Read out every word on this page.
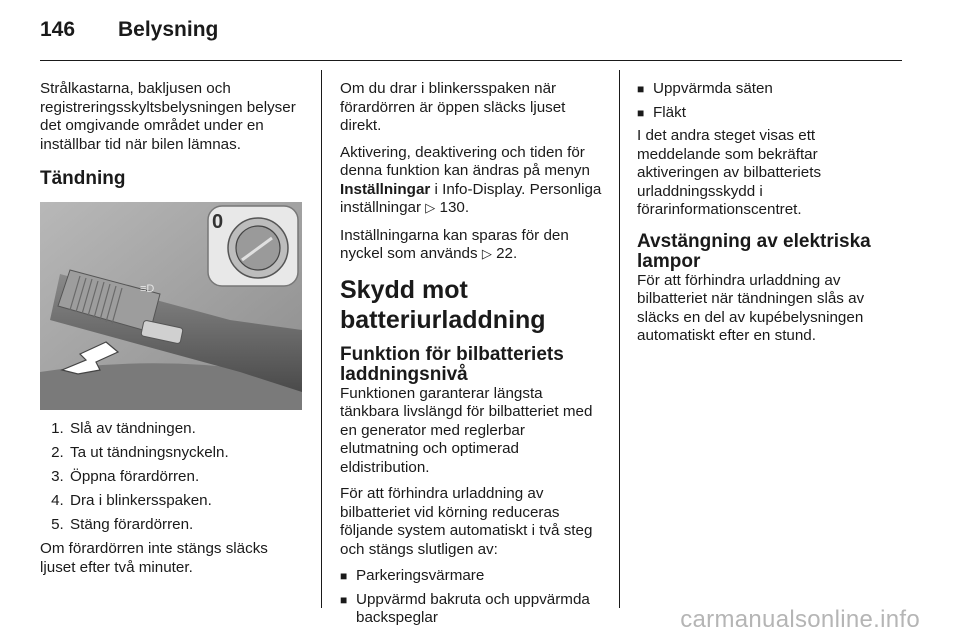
146	Belysning

Strålkastarna, bakljusen och registreringsskyltsbelysningen belyser det omgivande området under en inställbar tid när bilen lämnas.

Tändning
≡D
0
1. Slå av tändningen.
2. Ta ut tändningsnyckeln.
3. Öppna förardörren.
4. Dra i blinkersspaken.
5. Stäng förardörren.

Om förardörren inte stängs släcks ljuset efter två minuter.

Om du drar i blinkersspaken när förardörren är öppen släcks ljuset direkt.

Aktivering, deaktivering och tiden för denna funktion kan ändras på menyn Inställningar i Info-Display. Personliga inställningar ▷ 130.

Inställningarna kan sparas för den nyckel som används ▷ 22.

Skydd mot batteriurladdning
Funktion för bilbatteriets laddningsnivå

Funktionen garanterar längsta tänkbara livslängd för bilbatteriet med en generator med reglerbar elutmatning och optimerad eldistribution.

För att förhindra urladdning av bilbatteriet vid körning reduceras följande system automatiskt i två steg och stängs slutligen av:

■ Parkeringsvärmare
■ Uppvärmd bakruta och uppvärmda backspeglar
■ Uppvärmda säten
■ Fläkt

I det andra steget visas ett meddelande som bekräftar aktiveringen av bilbatteriets urladdningsskydd i förarinformationscentret.

Avstängning av elektriska lampor

För att förhindra urladdning av bilbatteriet när tändningen slås av släcks en del av kupébelysningen automatiskt efter en stund.

carmanualsonline.info
